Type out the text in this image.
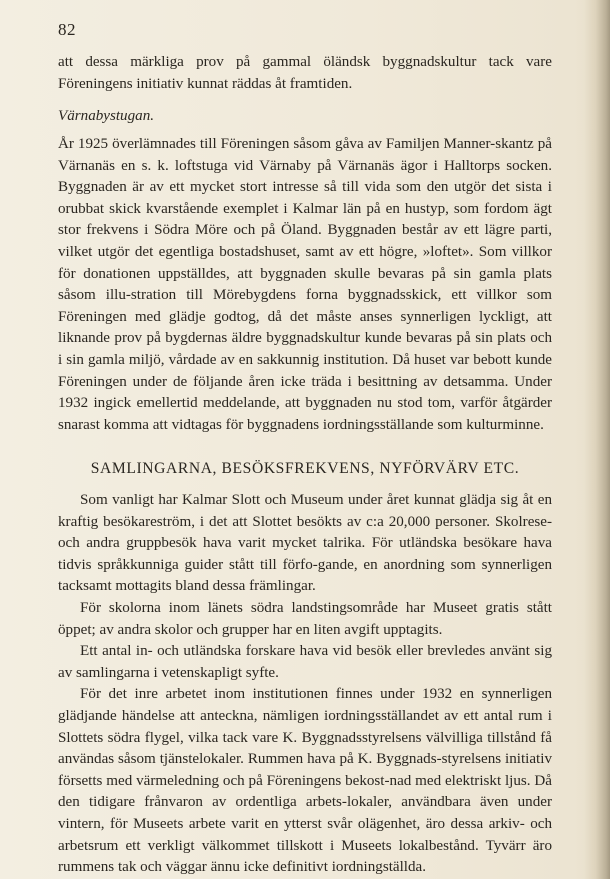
82

att dessa märkliga prov på gammal öländsk byggnadskultur tack vare Föreningens initiativ kunnat räddas åt framtiden.

Värnabystugan.

År 1925 överlämnades till Föreningen såsom gåva av Familjen Manner-skantz på Värnanäs en s. k. loftstuga vid Värnaby på Värnanäs ägor i Halltorps socken. Byggnaden är av ett mycket stort intresse så till vida som den utgör det sista i orubbat skick kvarstående exemplet i Kalmar län på en hustyp, som fordom ägt stor frekvens i Södra Möre och på Öland. Byggnaden består av ett lägre parti, vilket utgör det egentliga bostadshuset, samt av ett högre, »loftet». Som villkor för donationen uppställdes, att byggnaden skulle bevaras på sin gamla plats såsom illu-stration till Mörebygdens forna byggnadsskick, ett villkor som Föreningen med glädje godtog, då det måste anses synnerligen lyckligt, att liknande prov på bygdernas äldre byggnadskultur kunde bevaras på sin plats och i sin gamla miljö, vårdade av en sakkunnig institution. Då huset var bebott kunde Föreningen under de följande åren icke träda i besittning av detsamma. Under 1932 ingick emellertid meddelande, att byggnaden nu stod tom, varför åtgärder snarast komma att vidtagas för byggnadens iordningsställande som kulturminne.

SAMLINGARNA, BESÖKSFREKVENS, NYFÖRVÄRV ETC.

Som vanligt har Kalmar Slott och Museum under året kunnat glädja sig åt en kraftig besökareström, i det att Slottet besökts av c:a 20,000 personer. Skolrese- och andra gruppbesök hava varit mycket talrika. För utländska besökare hava tidvis språkkunniga guider stått till förfo-gande, en anordning som synnerligen tacksamt mottagits bland dessa främlingar.

För skolorna inom länets södra landstingsområde har Museet gratis stått öppet; av andra skolor och grupper har en liten avgift upptagits.

Ett antal in- och utländska forskare hava vid besök eller brevledes använt sig av samlingarna i vetenskapligt syfte.

För det inre arbetet inom institutionen finnes under 1932 en synnerligen glädjande händelse att anteckna, nämligen iordningsställandet av ett antal rum i Slottets södra flygel, vilka tack vare K. Byggnadsstyrelsens välvilliga tillstånd få användas såsom tjänstelokaler. Rummen hava på K. Byggnads-styrelsens initiativ försetts med värmeledning och på Föreningens bekost-nad med elektriskt ljus. Då den tidigare frånvaron av ordentliga arbets-lokaler, användbara även under vintern, för Museets arbete varit en ytterst svår olägenhet, äro dessa arkiv- och arbetsrum ett verkligt välkommet tillskott i Museets lokalbestånd. Tyvärr äro rummens tak och väggar ännu icke definitivt iordningställda.
